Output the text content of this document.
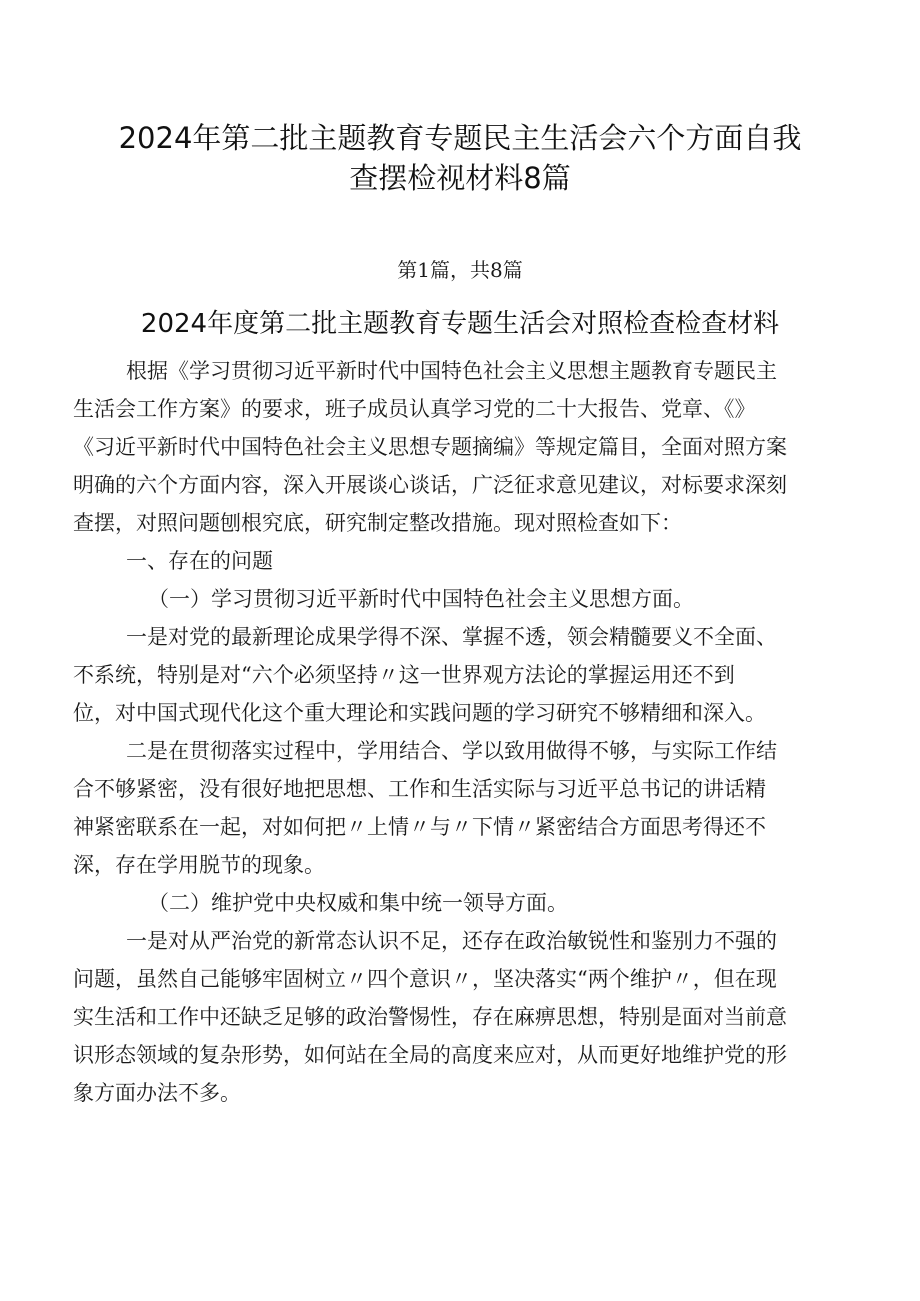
2024年第二批主题教育专题民主生活会六个方面自我
查摆检视材料8篇
第1篇，共8篇
2024年度第二批主题教育专题生活会对照检查检查材料
根据《学习贯彻习近平新时代中国特色社会主义思想主题教育专题民主
生活会工作方案》的要求，班子成员认真学习党的二十大报告、党章、《》
《习近平新时代中国特色社会主义思想专题摘编》等规定篇目，全面对照方案
明确的六个方面内容，深入开展谈心谈话，广泛征求意见建议，对标要求深刻
查摆，对照问题刨根究底，研究制定整改措施。现对照检查如下：
一、存在的问题
（一）学习贯彻习近平新时代中国特色社会主义思想方面。
一是对党的最新理论成果学得不深、掌握不透，领会精髓要义不全面、
不系统，特别是对“六个必须坚持〃这一世界观方法论的掌握运用还不到
位，对中国式现代化这个重大理论和实践问题的学习研究不够精细和深入。
二是在贯彻落实过程中，学用结合、学以致用做得不够，与实际工作结
合不够紧密，没有很好地把思想、工作和生活实际与习近平总书记的讲话精
神紧密联系在一起，对如何把〃上情〃与〃下情〃紧密结合方面思考得还不
深，存在学用脱节的现象。
（二）维护党中央权威和集中统一领导方面。
一是对从严治党的新常态认识不足，还存在政治敏锐性和鉴别力不强的
问题，虽然自己能够牢固树立〃四个意识〃，坚决落实“两个维护〃，但在现
实生活和工作中还缺乏足够的政治警惕性，存在麻痹思想，特别是面对当前意
识形态领域的复杂形势，如何站在全局的高度来应对，从而更好地维护党的形
象方面办法不多。
